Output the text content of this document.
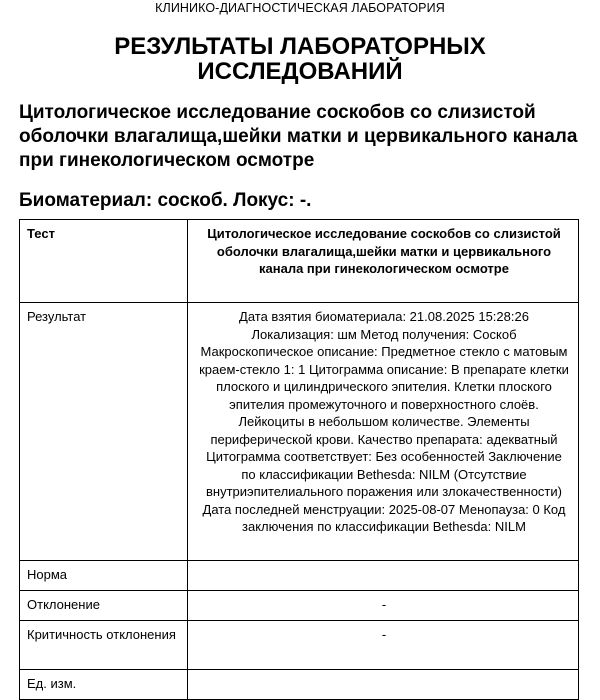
КЛИНИКО-ДИАГНОСТИЧЕСКАЯ ЛАБОРАТОРИЯ
РЕЗУЛЬТАТЫ ЛАБОРАТОРНЫХ ИССЛЕДОВАНИЙ
Цитологическое исследование соскобов со слизистой оболочки влагалища,шейки матки и цервикального канала при гинекологическом осмотре
Биоматериал: соскоб. Локус: -.
Тест	Цитологическое исследование соскобов со слизистой оболочки влагалища,шейки матки и цервикального канала при гинекологическом осмотре
Результат	Дата взятия биоматериала: 21.08.2025 15:28:26 Локализация: шм Метод получения: Соскоб Макроскопическое описание: Предметное стекло с матовым краем-стекло 1: 1 Цитограмма описание: В препарате клетки плоского и цилиндрического эпителия. Клетки плоского эпителия промежуточного и поверхностного слоёв. Лейкоциты в небольшом количестве. Элементы периферической крови. Качество препарата: адекватный Цитограмма соответствует: Без особенностей Заключение по классификации Bethesda: NILM (Отсутствие внутриэпителиального поражения или злокачественности) Дата последней менструации: 2025-08-07 Менопауза: 0 Код заключения по классификации Bethesda: NILM
Норма	
Отклонение	-
Критичность отклонения	-
Ед. изм.	
